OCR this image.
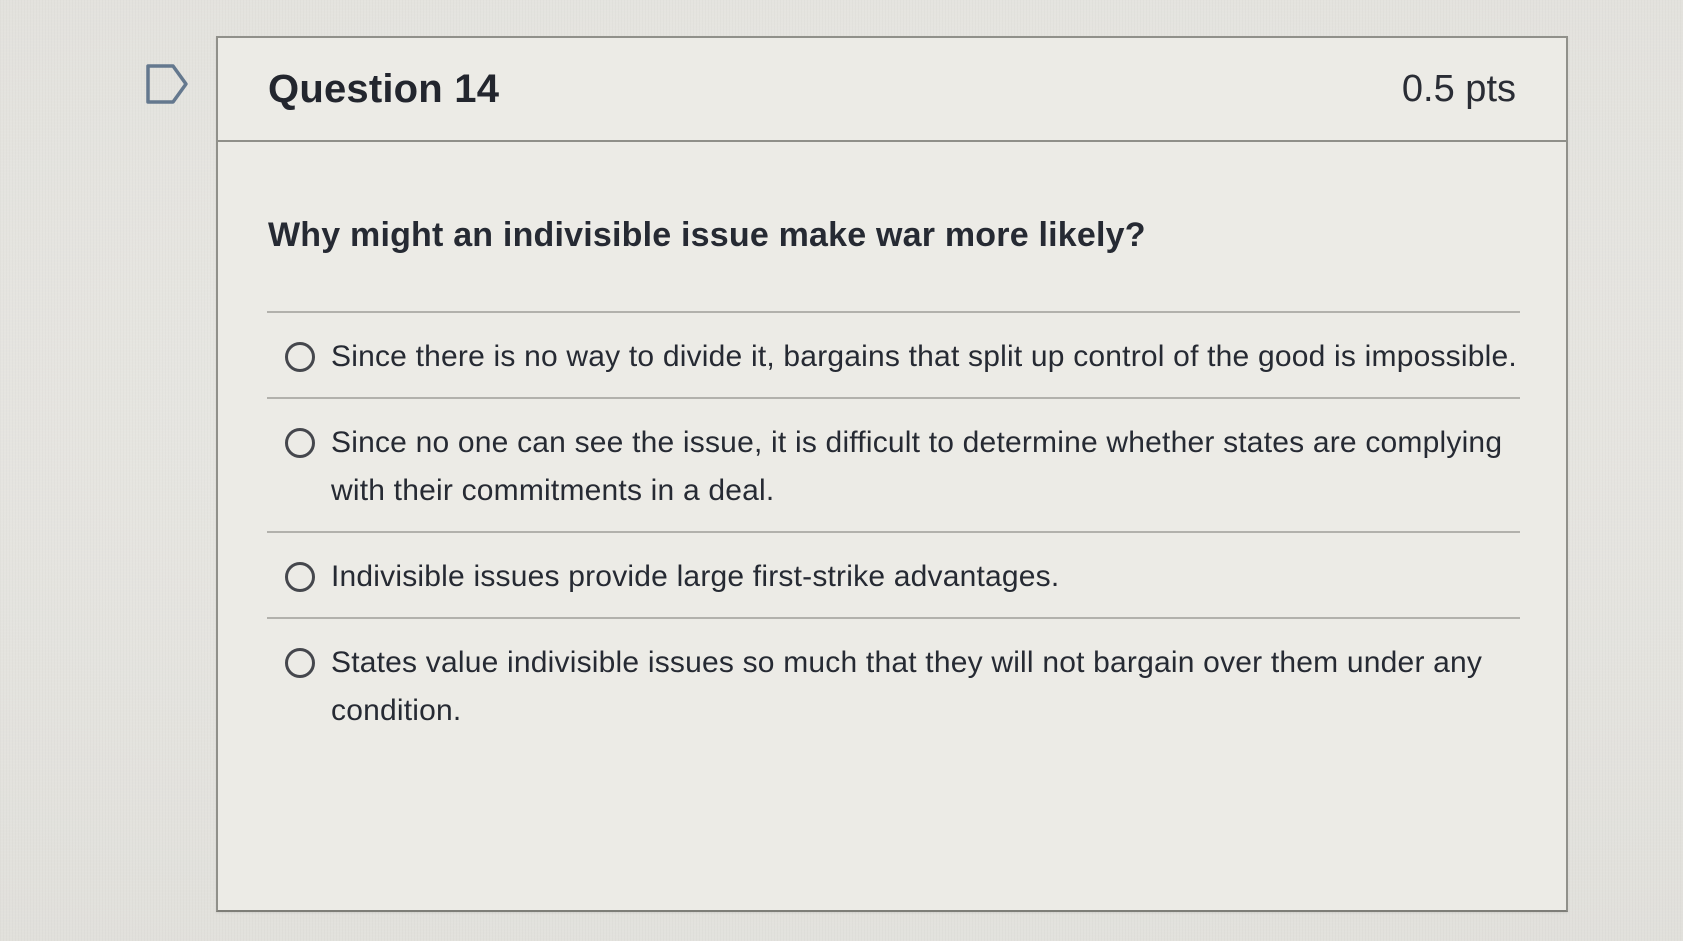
Question 14	0.5 pts
Why might an indivisible issue make war more likely?
Since there is no way to divide it, bargains that split up control of the good is impossible.
Since no one can see the issue, it is difficult to determine whether states are complying with their commitments in a deal.
Indivisible issues provide large first-strike advantages.
States value indivisible issues so much that they will not bargain over them under any condition.
